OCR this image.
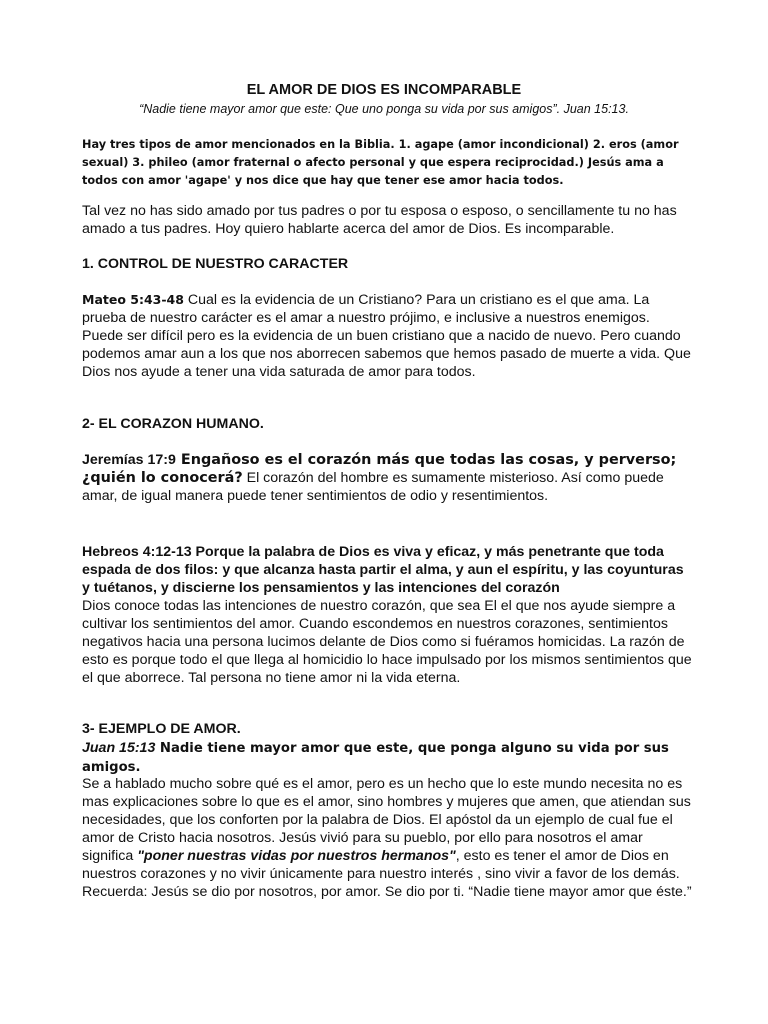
EL AMOR DE DIOS ES INCOMPARABLE
“Nadie tiene mayor amor que este: Que uno ponga su vida por sus amigos”. Juan 15:13.
Hay tres tipos de amor mencionados en la Biblia. 1. agape (amor incondicional) 2. eros (amor sexual) 3. phileo (amor fraternal o afecto personal y que espera reciprocidad.) Jesús ama a todos con amor 'agape' y nos dice que hay que tener ese amor hacia todos.
Tal vez no has sido amado por tus padres o por tu esposa o esposo, o sencillamente tu no has amado a tus padres. Hoy quiero hablarte acerca del amor de Dios. Es incomparable.
1. CONTROL DE NUESTRO CARACTER
Mateo 5:43-48 Cual es la evidencia de un Cristiano? Para un cristiano es el que ama. La prueba de nuestro carácter es el amar a nuestro prójimo, e inclusive a nuestros enemigos. Puede ser difícil pero es la evidencia de un buen cristiano que a nacido de nuevo. Pero cuando podemos amar aun a los que nos aborrecen sabemos que hemos pasado de muerte a vida. Que Dios nos ayude a tener una vida saturada de amor para todos.
2- EL CORAZON HUMANO.
Jeremías 17:9 Engañoso es el corazón más que todas las cosas, y perverso; ¿quién lo conocerá? El corazón del hombre es sumamente misterioso. Así como puede amar, de igual manera puede tener sentimientos de odio y resentimientos.
Hebreos 4:12-13 Porque la palabra de Dios es viva y eficaz, y más penetrante que toda espada de dos filos: y que alcanza hasta partir el alma, y aun el espíritu, y las coyunturas y tuétanos, y discierne los pensamientos y las intenciones del corazón
Dios conoce todas las intenciones de nuestro corazón, que sea El el que nos ayude siempre a cultivar los sentimientos del amor. Cuando escondemos en nuestros corazones, sentimientos negativos hacia una persona lucimos delante de Dios como si fuéramos homicidas. La razón de esto es porque todo el que llega al homicidio lo hace impulsado por los mismos sentimientos que el que aborrece. Tal persona no tiene amor ni la vida eterna.
3- EJEMPLO DE AMOR.
Juan 15:13 Nadie tiene mayor amor que este, que ponga alguno su vida por sus amigos.
Se a hablado mucho sobre qué es el amor, pero es un hecho que lo este mundo necesita no es mas explicaciones sobre lo que es el amor, sino hombres y mujeres que amen, que atiendan sus necesidades, que los conforten por la palabra de Dios. El apóstol da un ejemplo de cual fue el amor de Cristo hacia nosotros. Jesús vivió para su pueblo, por ello para nosotros el amar significa "poner nuestras vidas por nuestros hermanos", esto es tener el amor de Dios en nuestros corazones y no vivir únicamente para nuestro interés , sino vivir a favor de los demás. Recuerda: Jesús se dio por nosotros, por amor. Se dio por ti. “Nadie tiene mayor amor que éste.”
